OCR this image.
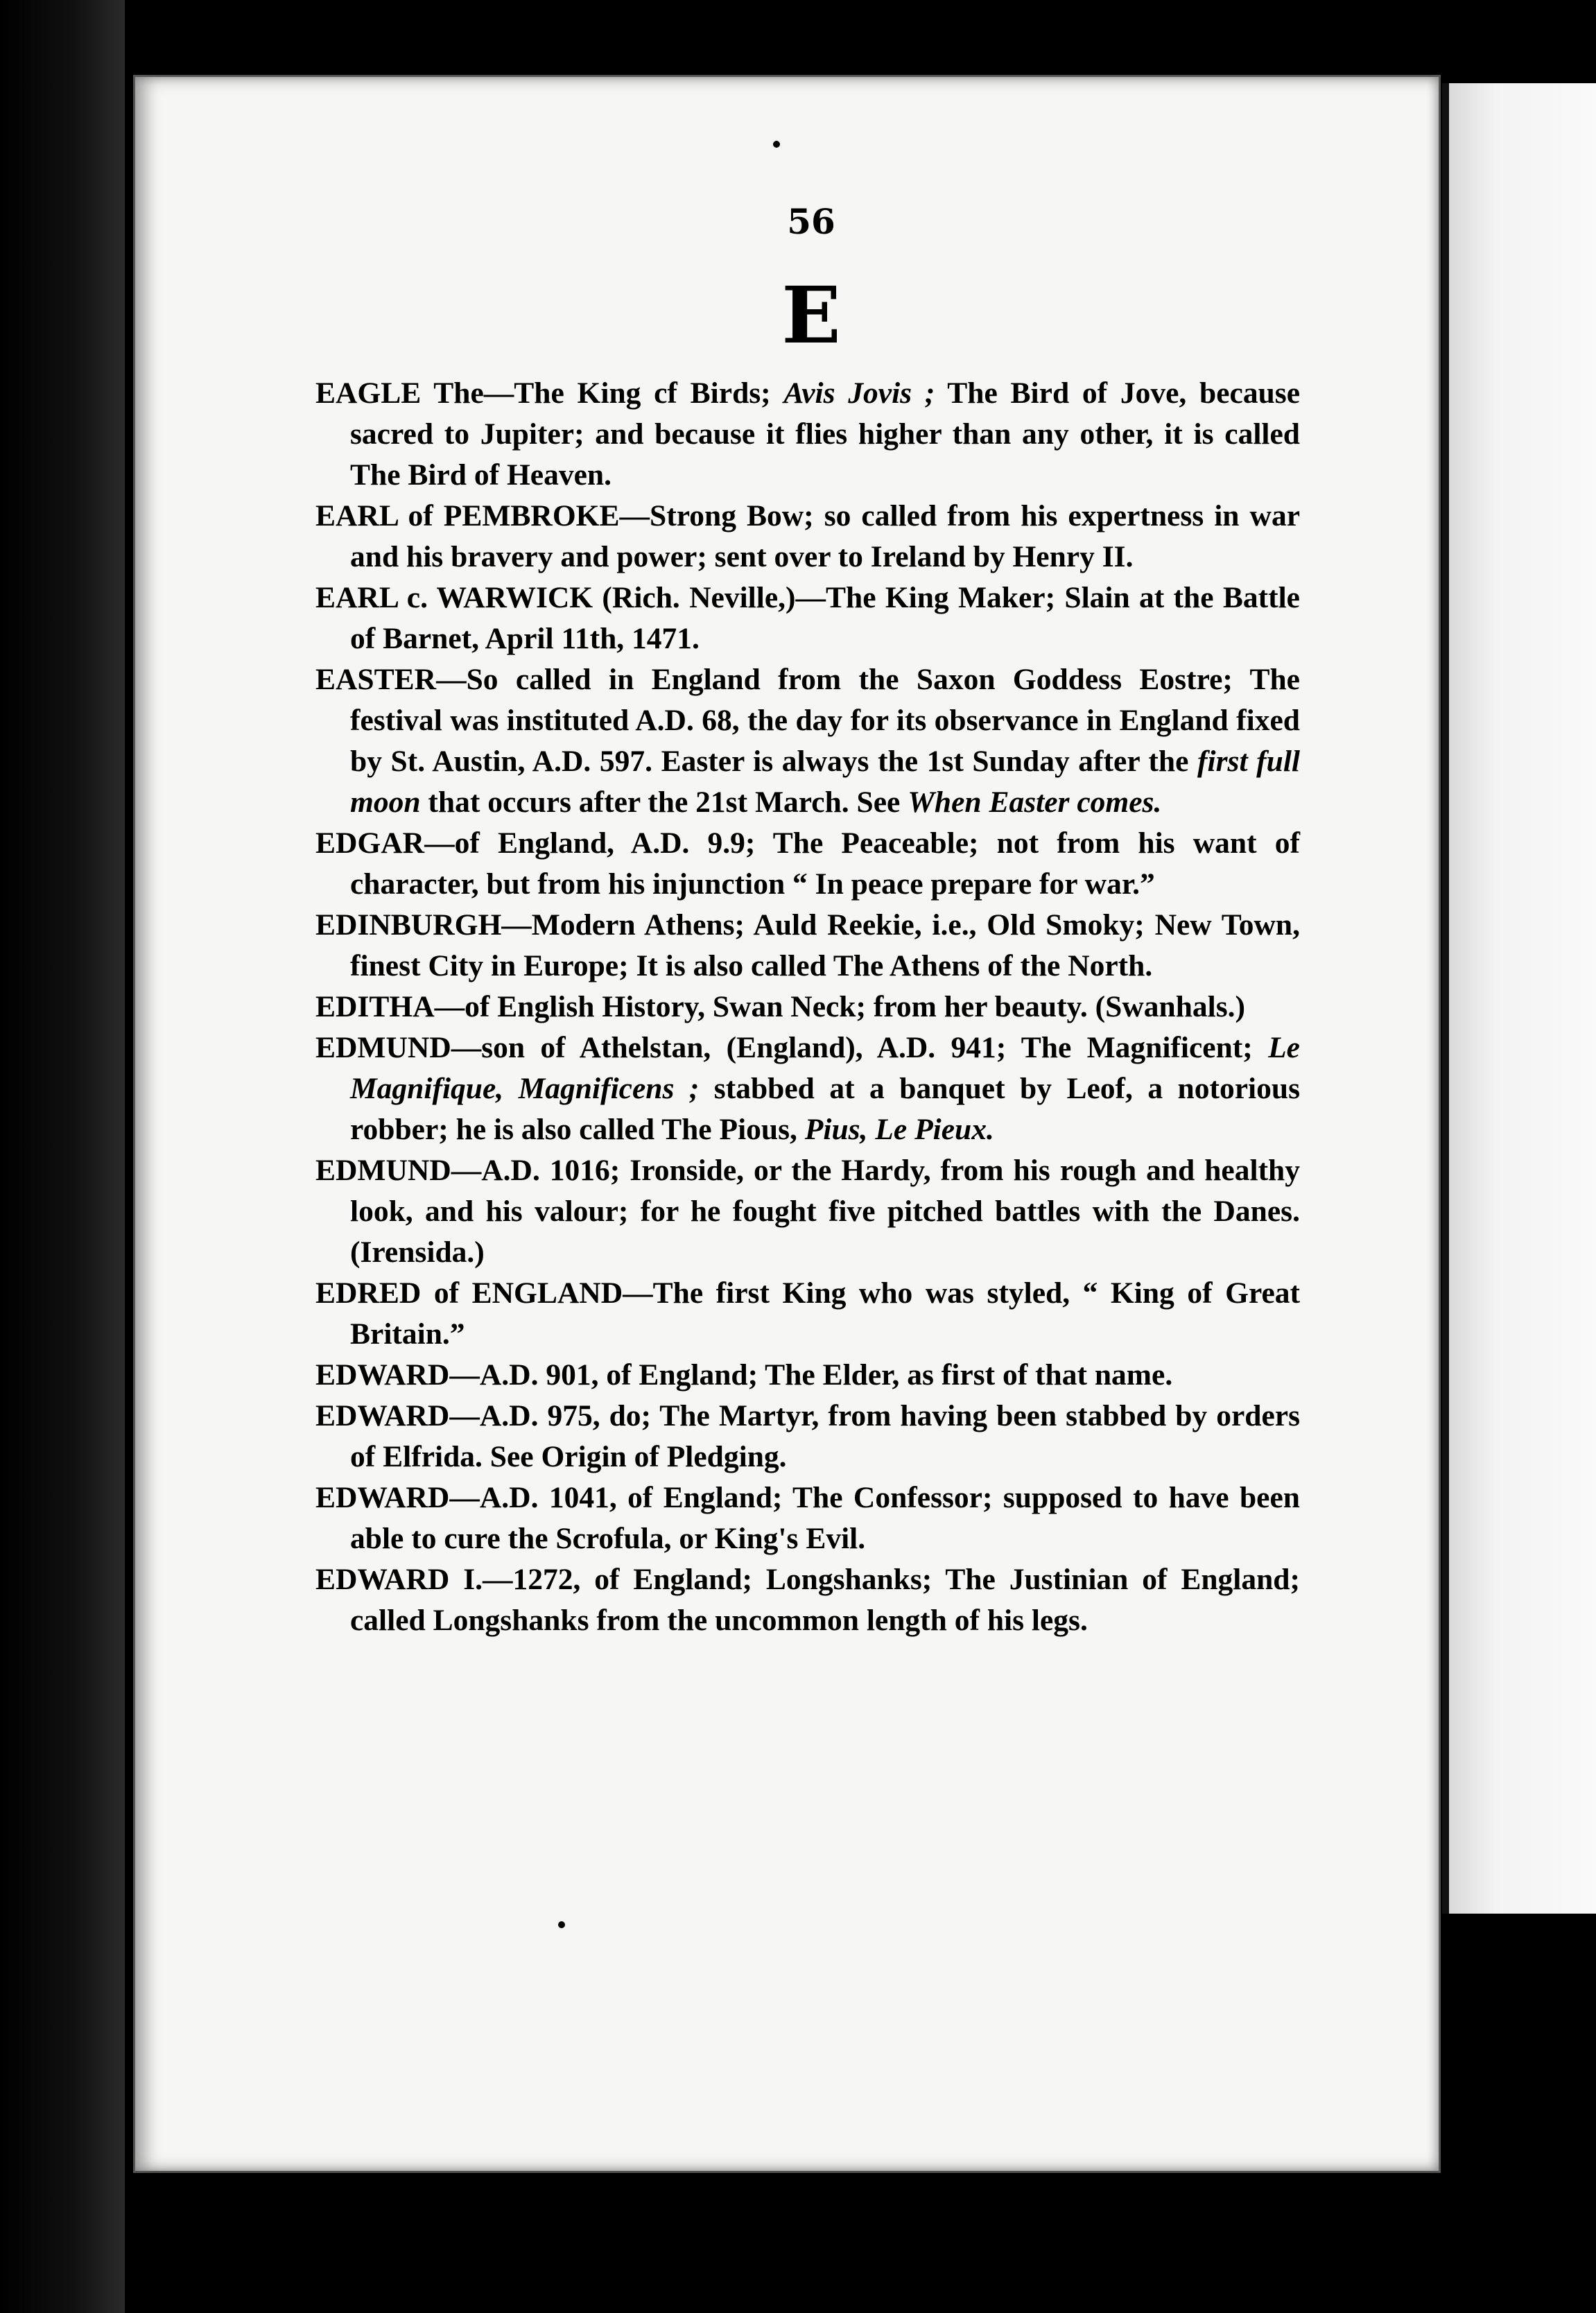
56
E

EAGLE The—The King cf Birds; Avis Jovis ; The Bird of Jove, because sacred to Jupiter; and because it flies higher than any other, it is called The Bird of Heaven.

EARL of PEMBROKE—Strong Bow; so called from his expertness in war and his bravery and power; sent over to Ireland by Henry II.

EARL c. WARWICK (Rich. Neville,)—The King Maker; Slain at the Battle of Barnet, April 11th, 1471.

EASTER—So called in England from the Saxon Goddess Eostre; The festival was instituted A.D. 68, the day for its observance in England fixed by St. Austin, A.D. 597. Easter is always the 1st Sunday after the first full moon that occurs after the 21st March. See When Easter comes.

EDGAR—of England, A.D. 9.9; The Peaceable; not from his want of character, but from his injunction “ In peace prepare for war.”

EDINBURGH—Modern Athens; Auld Reekie, i.e., Old Smoky; New Town, finest City in Europe; It is also called The Athens of the North.

EDITHA—of English History, Swan Neck; from her beauty. (Swanhals.)

EDMUND—son of Athelstan, (England), A.D. 941; The Magnificent; Le Magnifique, Magnificens ; stabbed at a banquet by Leof, a notorious robber; he is also called The Pious, Pius, Le Pieux.

EDMUND—A.D. 1016; Ironside, or the Hardy, from his rough and healthy look, and his valour; for he fought five pitched battles with the Danes. (Irensida.)

EDRED of ENGLAND—The first King who was styled, “ King of Great Britain.”

EDWARD—A.D. 901, of England; The Elder, as first of that name.

EDWARD—A.D. 975, do; The Martyr, from having been stabbed by orders of Elfrida. See Origin of Pledging.

EDWARD—A.D. 1041, of England; The Confessor; supposed to have been able to cure the Scrofula, or King's Evil.

EDWARD I.—1272, of England; Longshanks; The Justinian of England; called Longshanks from the uncommon length of his legs.
